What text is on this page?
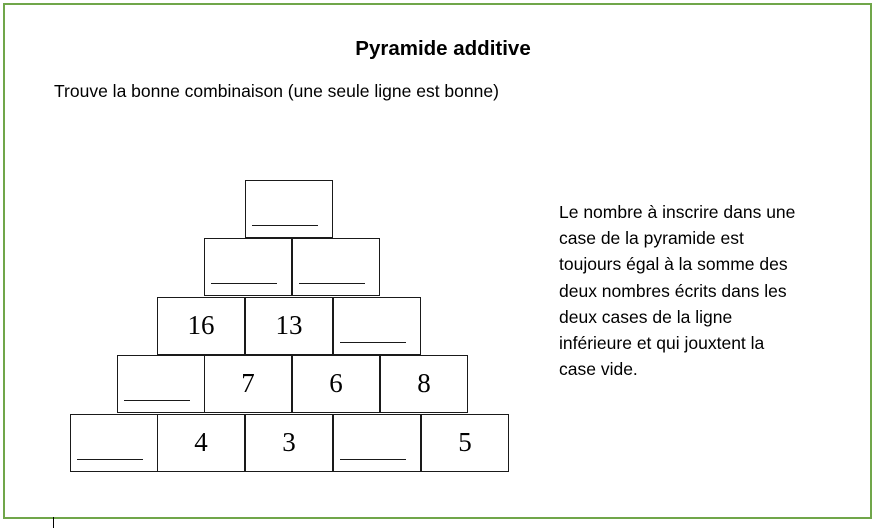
Pyramide additive
Trouve la bonne combinaison (une seule ligne est bonne)
Le nombre à inscrire dans une
case de la pyramide est
toujours égal à la somme des
deux nombres écrits dans les
deux cases de la ligne
inférieure et qui jouxtent la
case vide.
16	13
7	6	8
4	3	5
